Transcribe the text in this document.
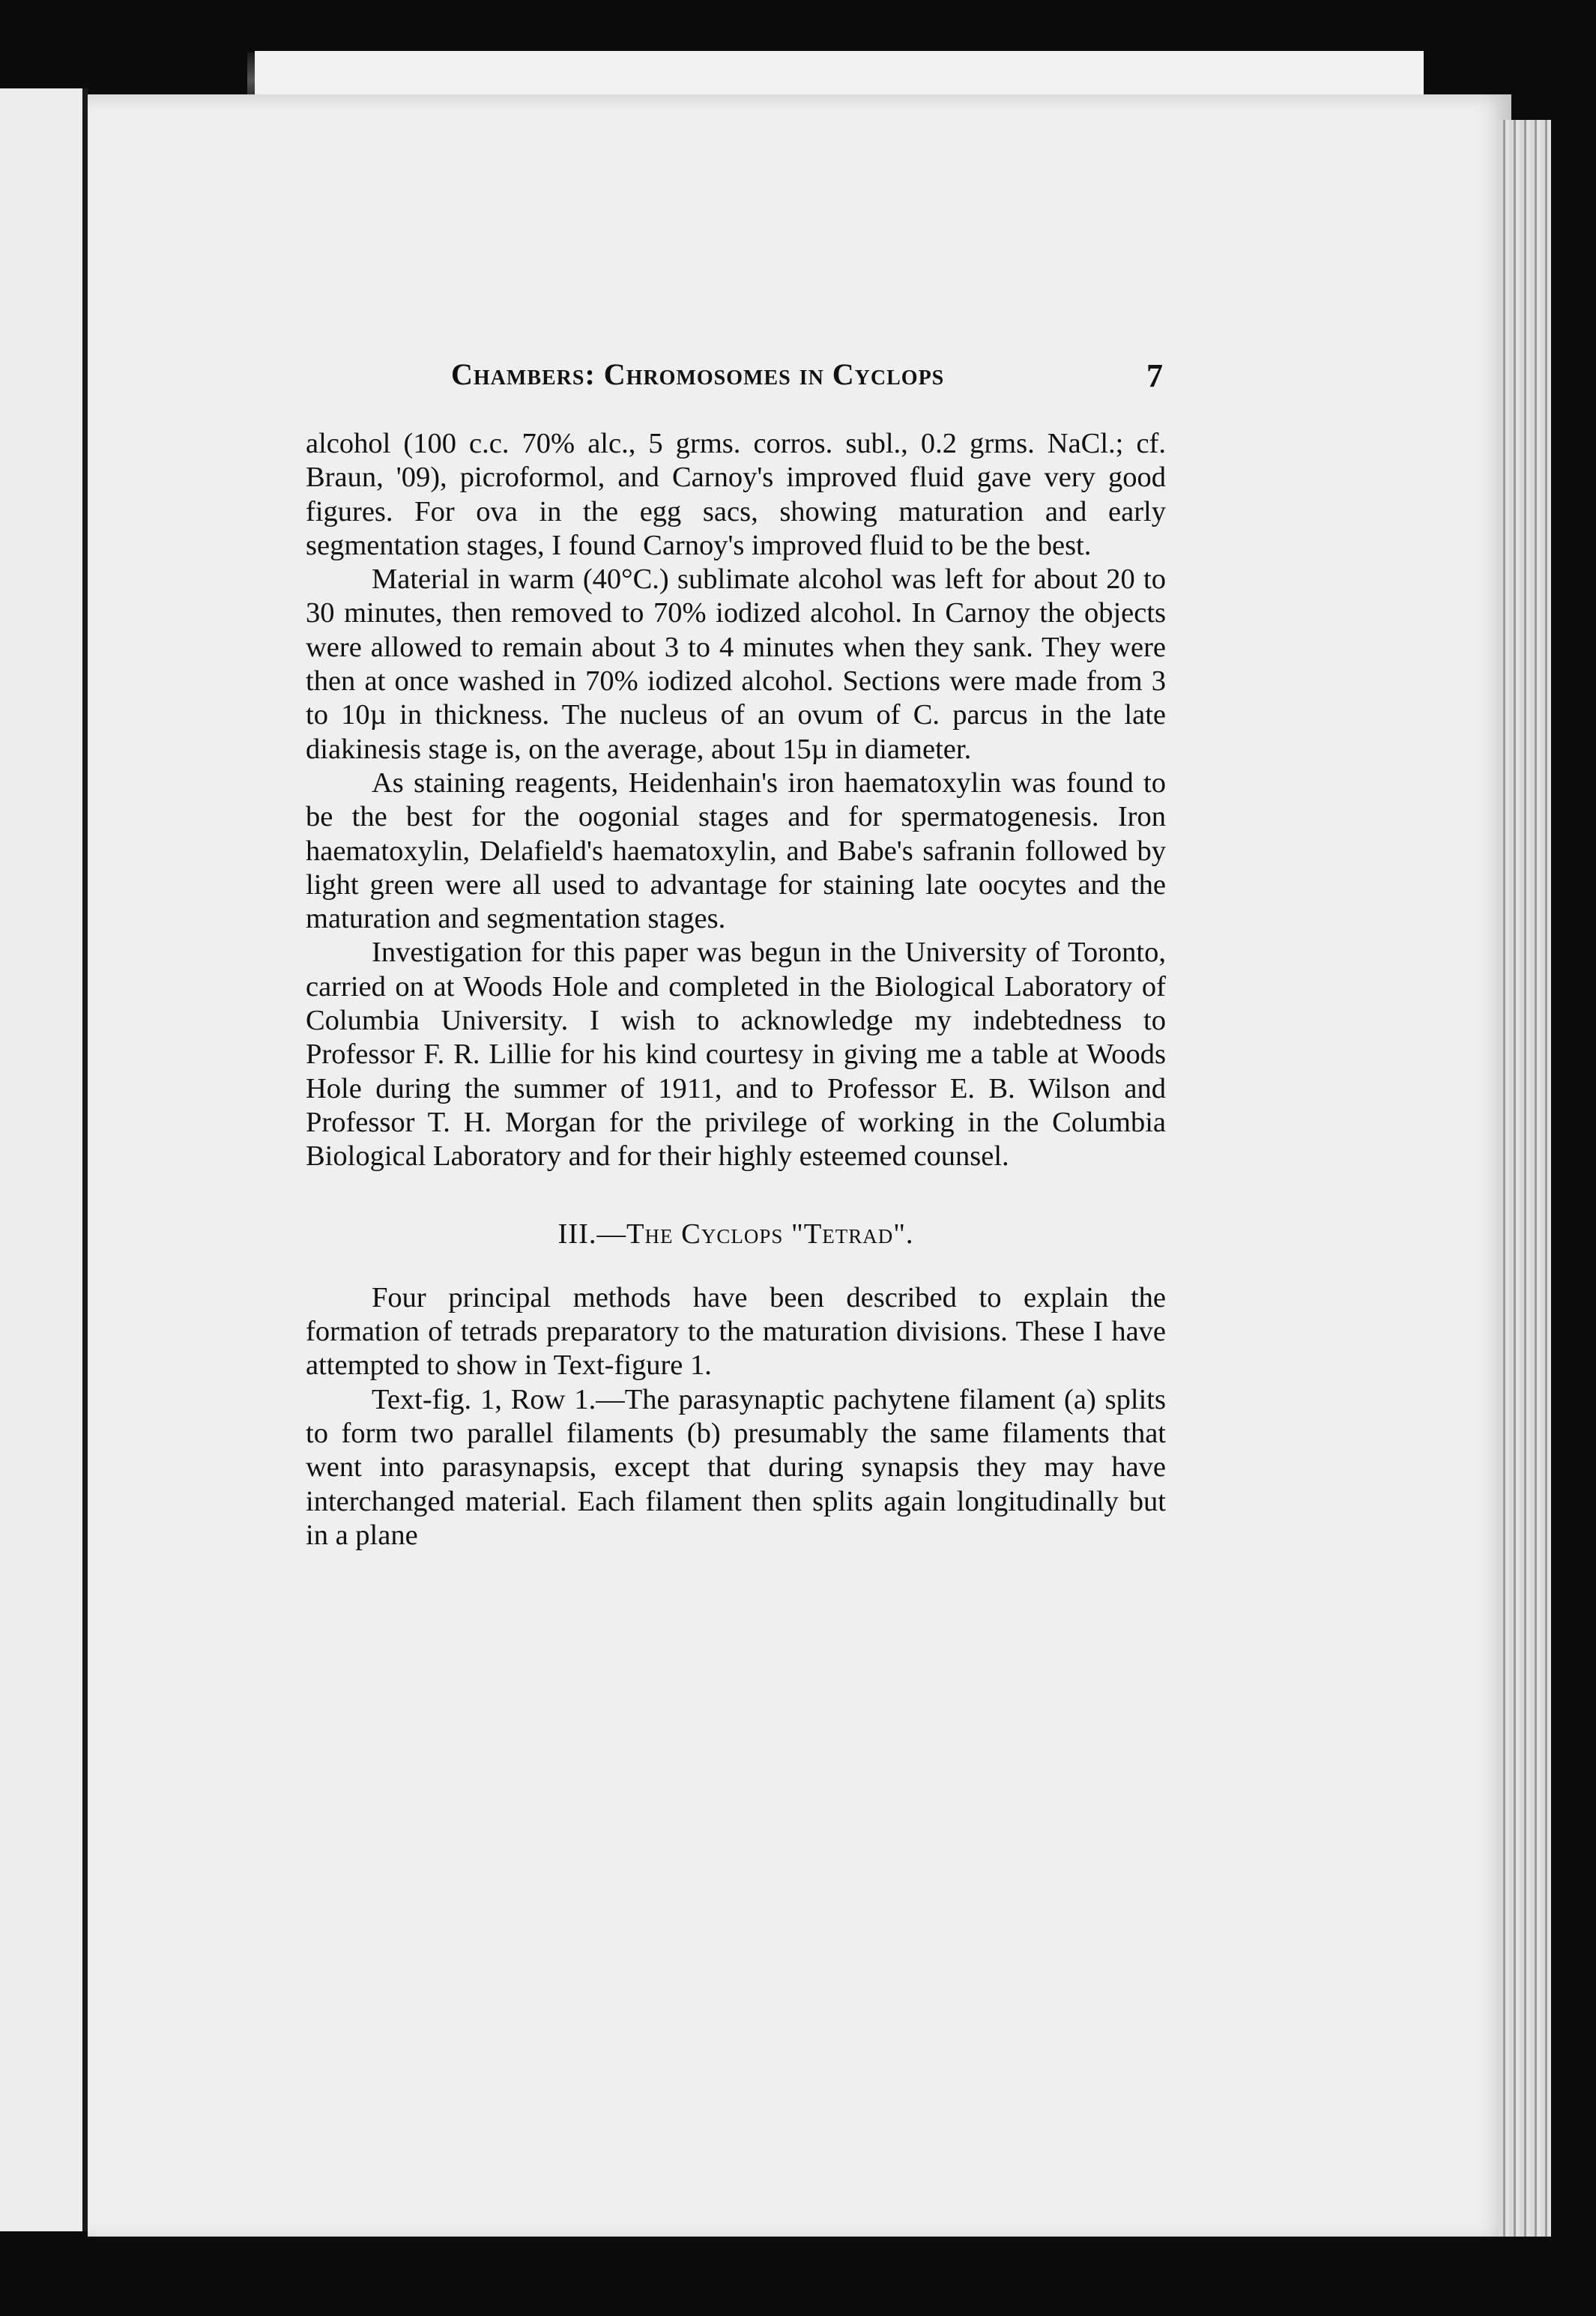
Chambers: Chromosomes in Cyclops	7

alcohol (100 c.c. 70% alc., 5 grms. corros. subl., 0.2 grms. NaCl.; cf. Braun, '09), picroformol, and Carnoy's improved fluid gave very good figures. For ova in the egg sacs, showing maturation and early segmentation stages, I found Carnoy's improved fluid to be the best.

Material in warm (40°C.) sublimate alcohol was left for about 20 to 30 minutes, then removed to 70% iodized alcohol. In Carnoy the objects were allowed to remain about 3 to 4 minutes when they sank. They were then at once washed in 70% iodized alcohol. Sections were made from 3 to 10µ in thickness. The nucleus of an ovum of C. parcus in the late diakinesis stage is, on the average, about 15µ in diameter.

As staining reagents, Heidenhain's iron haematoxylin was found to be the best for the oogonial stages and for spermatogenesis. Iron haematoxylin, Delafield's haematoxylin, and Babe's safranin followed by light green were all used to advantage for staining late oocytes and the maturation and segmentation stages.

Investigation for this paper was begun in the University of Toronto, carried on at Woods Hole and completed in the Biological Laboratory of Columbia University. I wish to acknowledge my indebtedness to Professor F. R. Lillie for his kind courtesy in giving me a table at Woods Hole during the summer of 1911, and to Professor E. B. Wilson and Professor T. H. Morgan for the privilege of working in the Columbia Biological Laboratory and for their highly esteemed counsel.

III.—The Cyclops "Tetrad".

Four principal methods have been described to explain the formation of tetrads preparatory to the maturation divisions. These I have attempted to show in Text-figure 1.

Text-fig. 1, Row 1.—The parasynaptic pachytene filament (a) splits to form two parallel filaments (b) presumably the same filaments that went into parasynapsis, except that during synapsis they may have interchanged material. Each filament then splits again longitudinally but in a plane
